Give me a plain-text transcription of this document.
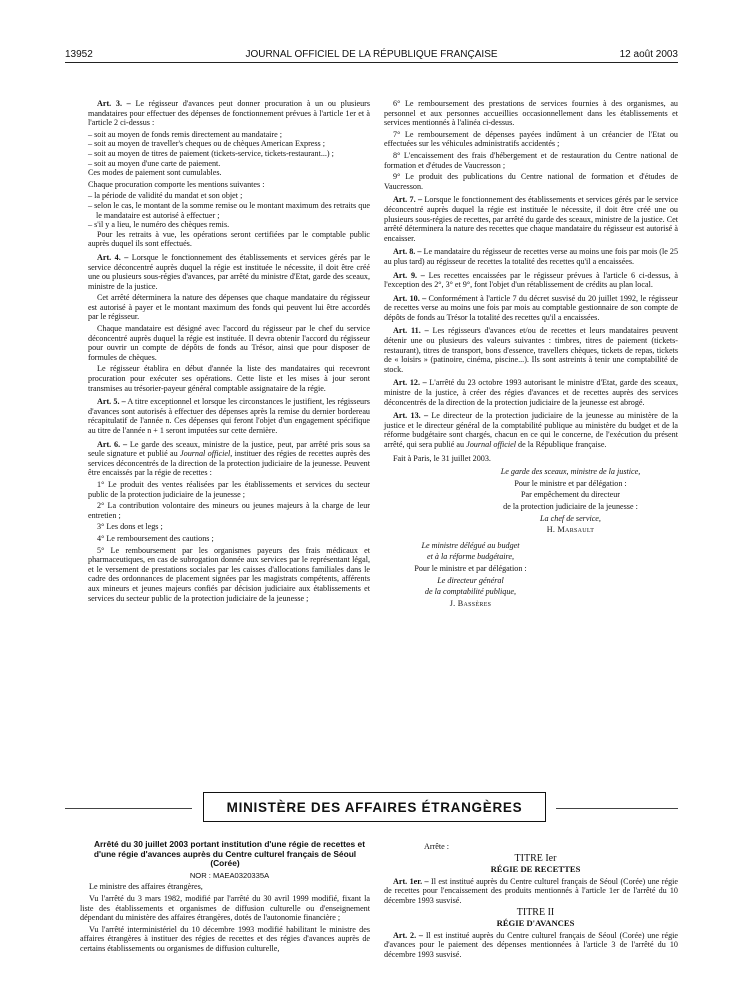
13952	JOURNAL OFFICIEL DE LA RÉPUBLIQUE FRANÇAISE	12 août 2003

Art. 3. – Le régisseur d'avances peut donner procuration à un ou plusieurs mandataires pour effectuer des dépenses de fonctionnement prévues à l'article 1er et à l'article 2 ci-dessus :

– soit au moyen de fonds remis directement au mandataire ;

– soit au moyen de traveller's cheques ou de chèques American Express ;

– soit au moyen de titres de paiement (tickets-service, tickets-restaurant...) ;

– soit au moyen d'une carte de paiement.

Ces modes de paiement sont cumulables.

Chaque procuration comporte les mentions suivantes :

– la période de validité du mandat et son objet ;

– selon le cas, le montant de la somme remise ou le montant maximum des retraits que le mandataire est autorisé à effectuer ;

– s'il y a lieu, le numéro des chèques remis.

Pour les retraits à vue, les opérations seront certifiées par le comptable public auprès duquel ils sont effectués.

Art. 4. – Lorsque le fonctionnement des établissements et services gérés par le service déconcentré auprès duquel la régie est instituée le nécessite, il doit être créé une ou plusieurs sous-régies d'avances, par arrêté du ministre d'Etat, garde des sceaux, ministre de la justice.

Cet arrêté déterminera la nature des dépenses que chaque mandataire du régisseur est autorisé à payer et le montant maximum des fonds qui peuvent lui être accordés par le régisseur.

Chaque mandataire est désigné avec l'accord du régisseur par le chef du service déconcentré auprès duquel la régie est instituée. Il devra obtenir l'accord du régisseur pour ouvrir un compte de dépôts de fonds au Trésor, ainsi que pour disposer de formules de chèques.

Le régisseur établira en début d'année la liste des mandataires qui recevront procuration pour exécuter ses opérations. Cette liste et les mises à jour seront transmises au trésorier-payeur général comptable assignataire de la régie.

Art. 5. – A titre exceptionnel et lorsque les circonstances le justifient, les régisseurs d'avances sont autorisés à effectuer des dépenses après la remise du dernier bordereau récapitulatif de l'année n. Ces dépenses qui feront l'objet d'un engagement spécifique au titre de l'année n + 1 seront imputées sur cette dernière.

Art. 6. – Le garde des sceaux, ministre de la justice, peut, par arrêté pris sous sa seule signature et publié au Journal officiel, instituer des régies de recettes auprès des services déconcentrés de la direction de la protection judiciaire de la jeunesse. Peuvent être encaissés par la régie de recettes :

1° Le produit des ventes réalisées par les établissements et services du secteur public de la protection judiciaire de la jeunesse ;

2° La contribution volontaire des mineurs ou jeunes majeurs à la charge de leur entretien ;

3° Les dons et legs ;

4° Le remboursement des cautions ;

5° Le remboursement par les organismes payeurs des frais médicaux et pharmaceutiques, en cas de subrogation donnée aux services par le représentant légal, et le versement de prestations sociales par les caisses d'allocations familiales dans le cadre des ordonnances de placement signées par les magistrats compétents, afférents aux mineurs et jeunes majeurs confiés par décision judiciaire aux établissements et services du secteur public de la protection judiciaire de la jeunesse ;

6° Le remboursement des prestations de services fournies à des organismes, au personnel et aux personnes accueillies occasionnellement dans les établissements et services mentionnés à l'alinéa ci-dessus.

7° Le remboursement de dépenses payées indûment à un créancier de l'Etat ou effectuées sur les véhicules administratifs accidentés ;

8° L'encaissement des frais d'hébergement et de restauration du Centre national de formation et d'études de Vaucresson ;

9° Le produit des publications du Centre national de formation et d'études de Vaucresson.

Art. 7. – Lorsque le fonctionnement des établissements et services gérés par le service déconcentré auprès duquel la régie est instituée le nécessite, il doit être créé une ou plusieurs sous-régies de recettes, par arrêté du garde des sceaux, ministre de la justice. Cet arrêté déterminera la nature des recettes que chaque mandataire du régisseur est autorisé à encaisser.

Art. 8. – Le mandataire du régisseur de recettes verse au moins une fois par mois (le 25 au plus tard) au régisseur de recettes la totalité des recettes qu'il a encaissées.

Art. 9. – Les recettes encaissées par le régisseur prévues à l'article 6 ci-dessus, à l'exception des 2°, 3° et 9°, font l'objet d'un rétablissement de crédits au plan local.

Art. 10. – Conformément à l'article 7 du décret susvisé du 20 juillet 1992, le régisseur de recettes verse au moins une fois par mois au comptable gestionnaire de son compte de dépôts de fonds au Trésor la totalité des recettes qu'il a encaissées.

Art. 11. – Les régisseurs d'avances et/ou de recettes et leurs mandataires peuvent détenir une ou plusieurs des valeurs suivantes : timbres, titres de paiement (tickets-restaurant), titres de transport, bons d'essence, travellers chèques, tickets de repas, tickets de « loisirs » (patinoire, cinéma, piscine...). Ils sont astreints à tenir une comptabilité de stock.

Art. 12. – L'arrêté du 23 octobre 1993 autorisant le ministre d'Etat, garde des sceaux, ministre de la justice, à créer des régies d'avances et de recettes auprès des services déconcentrés de la direction de la protection judiciaire de la jeunesse est abrogé.

Art. 13. – Le directeur de la protection judiciaire de la jeunesse au ministère de la justice et le directeur général de la comptabilité publique au ministère du budget et de la réforme budgétaire sont chargés, chacun en ce qui le concerne, de l'exécution du présent arrêté, qui sera publié au Journal officiel de la République française.

Fait à Paris, le 31 juillet 2003.

Le garde des sceaux, ministre de la justice,

Pour le ministre et par délégation :

Par empêchement du directeur

de la protection judiciaire de la jeunesse :

La chef de service,

H. Marsault

Le ministre délégué au budget

et à la réforme budgétaire,

Pour le ministre et par délégation :

Le directeur général

de la comptabilité publique,

J. Bassères

MINISTÈRE DES AFFAIRES ÉTRANGÈRES

Arrêté du 30 juillet 2003 portant institution d'une régie de recettes et d'une régie d'avances auprès du Centre culturel français de Séoul (Corée)

NOR : MAEA0320335A

Le ministre des affaires étrangères,

Vu l'arrêté du 3 mars 1982, modifié par l'arrêté du 30 avril 1999 modifié, fixant la liste des établissements et organismes de diffusion culturelle ou d'enseignement dépendant du ministère des affaires étrangères, dotés de l'autonomie financière ;

Vu l'arrêté interministériel du 10 décembre 1993 modifié habilitant le ministre des affaires étrangères à instituer des régies de recettes et des régies d'avances auprès de certains établissements ou organismes de diffusion culturelle,

Arrête :

TITRE Ier

RÉGIE DE RECETTES

Art. 1er. – Il est institué auprès du Centre culturel français de Séoul (Corée) une régie de recettes pour l'encaissement des produits mentionnés à l'article 1er de l'arrêté du 10 décembre 1993 susvisé.

TITRE II

RÉGIE D'AVANCES

Art. 2. – Il est institué auprès du Centre culturel français de Séoul (Corée) une régie d'avances pour le paiement des dépenses mentionnées à l'article 3 de l'arrêté du 10 décembre 1993 susvisé.
